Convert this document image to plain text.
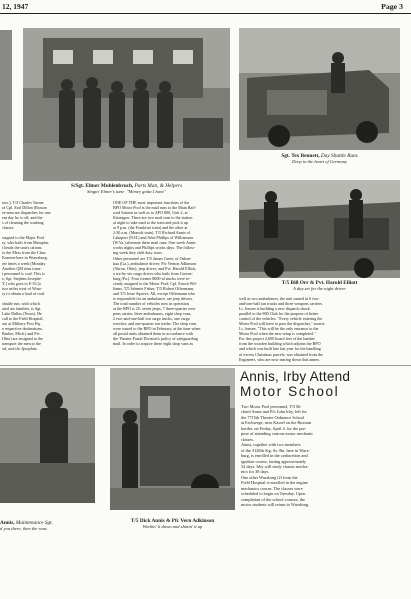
12, 1947	Page 3
S/Sgt. Elmer Muhlenbruch, Parts Man, & Helpers
Singin' Elmer's tune: "Money gotta I have"
Sgt. Tex Bennett, Day Shuttle Runs
Deep in the heart of Germany
T/5 Bill Orr & Pvt. Harold Elliott
A day set for the night driver
tors.); T/4 Charles Turner
of Cpl. Earl Dillon (Boston
ee men are dispatches for one
ent day he is off; and the
s of cleaning the washing
classes.
ssigned to the Major Pool
ry, who hails from Memphis
t heads the unit's rations.
ix the Mess from the Class
Kaserne here in Wuerzburg.
ree times a week (Monday
Another QM item trans-
t personnel is coal. This is
e, Sgt. Stephen Josephe-
Y.) who goes to E-33 (a
two miles west of Wurz-
ry to obtain a load of coal.
shuttle run, with which
ated are families, is Sgt.
Lake Dallas (Texas). He
call to the Field Hospital,
ase at Military Post Hq.
e respective destinations.
Basher, Mich.) and Pvt.
Ohio) are assigned to the
transport the men to the
od, and the Spotplatz.
ONE OF THE most important functions of the
BPO Motor Pool is the mail runs to the Main Rail-
road Station as well as to APO 800, Unit 2, at
Kitzingen. There are two mail runs to the station
at night to take mail to the train and pick it up
at 9 p.m. (the Frankfurt train) and the other at
2:30 a.m. (Munich train). T/5 Richard Annis of
Lakeport (N.H.) and Arbe Phillips of Williamson
(W.Va.) alternate these mail runs. One week Annis
works nights and Phillips works days. The follow-
ing week they shift duty tours.
Other personnel are T/5 James Greer, of Oshon-
kua (Ga.), ambulance driver; Pfc Vernon Adkinson
(Akron, Ohio), jeep driver; and Pvt. Harold Elliott,
a six-by-six cargo driver who hails from Greens-
burg (Pa.). Four former 8000-al trucks were re-
cently assigned to the Motor Pool; Cpl. Enoch Wil-
liams, T/5 Johnnie Fisher, T/5 Robert Offermann,
and T/5 Jesse Squires. All, except Offermann who
is responsible for an ambulance, are jeep drivers.
The total number of vehicles now in operation
at the BPO is 25: seven jeeps, 7 three-quarter wea-
pons carrier, three ambulances, eight shop vans,
2 two-and-one-half ton cargo trucks, one cargo
wrecker, and one-quarter ton trailer. The shop vans
were issued to the BPO in February, at the time when
all postal units obtained them in accordance with
the Theater Postal Division's policy of safeguarding
mail. In order to acquire these eight shop vans as
well as two ambulances, the unit turned in 6 two-
and-one-half ton trucks and three weapons carriers.
Lt. Jensen is building a new dispatch shack
parallel to the 800 Club for the purpose of better
control of the vehicles. "Every vehicle entering the
Motor Pool will have to pass the dispatcher," asserts
Lt. Jensen. "This will be the only entrance to the
Motor Pool when the new setup is completed."
For this project 2,000 board feet of the lumber
from the wooden building which adjoins the BPO
and which was built late last year for the handling
of excess Christmas parcels, was obtained from the
Engineers, who are now tearing down that annex.
Annis, Maintenance Sgt.
d you there, then the runs
T/5 Dick Annis & Pfc Vern Adkinson
Workin' it down and shinin' it up
Annis, Irby Attend
Motor School
Two Motor Pool personnel, T/5 Ri-
chard Annis and Pfc John Irby, left for
the 7715th Theater Ordnance School
at Eschwege, near Kassel on the Russian
border, on Friday, April 4, for the pur-
pose of attending various motor mechanic
classes.
Annis, together with two members
of the 3128th Sig. Sv. Bn. here in Wurz-
burg, is enrolled in the carburetion and
ignition course, lasting approximately
32 days. Irby will study chassis mecha-
nics for 38 days.
One other Wurzburg GI form the
Field Hospital is enrolled in the engine
mechanics course. The classes were
scheduled to begin on Tuesday. Upon
completion of the school courses, the
motor students will return to Wurzburg.
